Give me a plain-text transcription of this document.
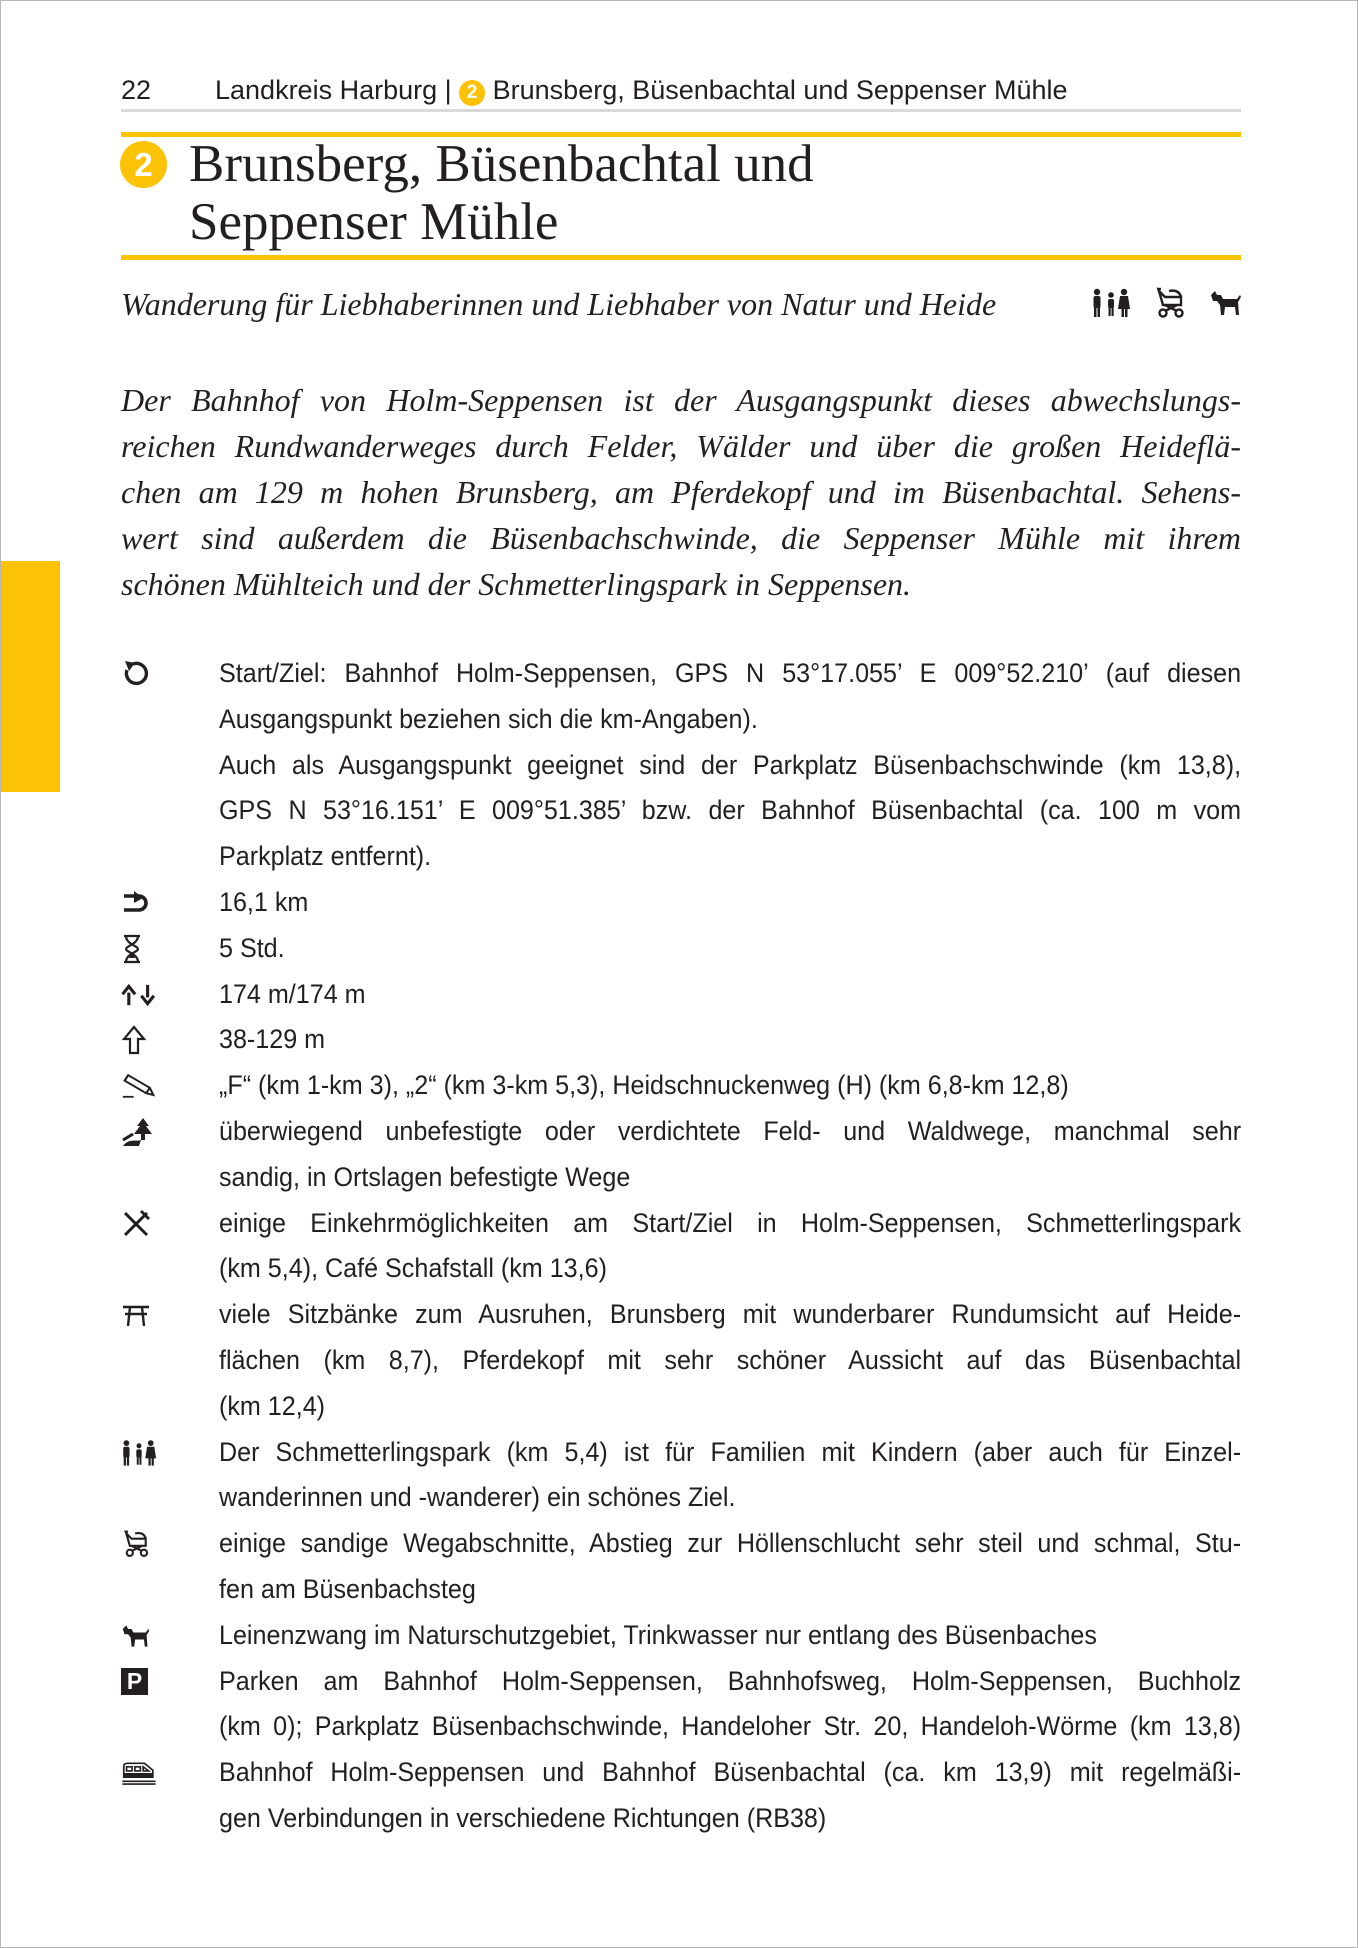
22 Landkreis Harburg | 2 Brunsberg, Büsenbachtal und Seppenser Mühle
2 Brunsberg, Büsenbachtal und
Seppenser Mühle
Wanderung für Liebhaberinnen und Liebhaber von Natur und Heide
Der Bahnhof von Holm-Seppensen ist der Ausgangspunkt dieses abwechslungs-
reichen Rundwanderweges durch Felder, Wälder und über die großen Heideflä-
chen am 129 m hohen Brunsberg, am Pferdekopf und im Büsenbachtal. Sehens-
wert sind außerdem die Büsenbachschwinde, die Seppenser Mühle mit ihrem
schönen Mühlteich und der Schmetterlingspark in Seppensen.
Start/Ziel: Bahnhof Holm-Seppensen, GPS N 53°17.055’ E 009°52.210’ (auf diesen
Ausgangspunkt beziehen sich die km-Angaben).
Auch als Ausgangspunkt geeignet sind der Parkplatz Büsenbachschwinde (km 13,8),
GPS N 53°16.151’ E 009°51.385’ bzw. der Bahnhof Büsenbachtal (ca. 100 m vom
Parkplatz entfernt).
16,1 km
5 Std.
174 m/174 m
38-129 m
„F“ (km 1-km 3), „2“ (km 3-km 5,3), Heidschnuckenweg (H) (km 6,8-km 12,8)
überwiegend unbefestigte oder verdichtete Feld- und Waldwege, manchmal sehr
sandig, in Ortslagen befestigte Wege
einige Einkehrmöglichkeiten am Start/Ziel in Holm-Seppensen, Schmetterlingspark
(km 5,4), Café Schafstall (km 13,6)
viele Sitzbänke zum Ausruhen, Brunsberg mit wunderbarer Rundumsicht auf Heide-
flächen (km 8,7), Pferdekopf mit sehr schöner Aussicht auf das Büsenbachtal
(km 12,4)
Der Schmetterlingspark (km 5,4) ist für Familien mit Kindern (aber auch für Einzel-
wanderinnen und -wanderer) ein schönes Ziel.
einige sandige Wegabschnitte, Abstieg zur Höllenschlucht sehr steil und schmal, Stu-
fen am Büsenbachsteg
Leinenzwang im Naturschutzgebiet, Trinkwasser nur entlang des Büsenbaches
P	Parken am Bahnhof Holm-Seppensen, Bahnhofsweg, Holm-Seppensen, Buchholz
(km 0); Parkplatz Büsenbachschwinde, Handeloher Str. 20, Handeloh-Wörme (km 13,8)
Bahnhof Holm-Seppensen und Bahnhof Büsenbachtal (ca. km 13,9) mit regelmäßi-
gen Verbindungen in verschiedene Richtungen (RB38)
